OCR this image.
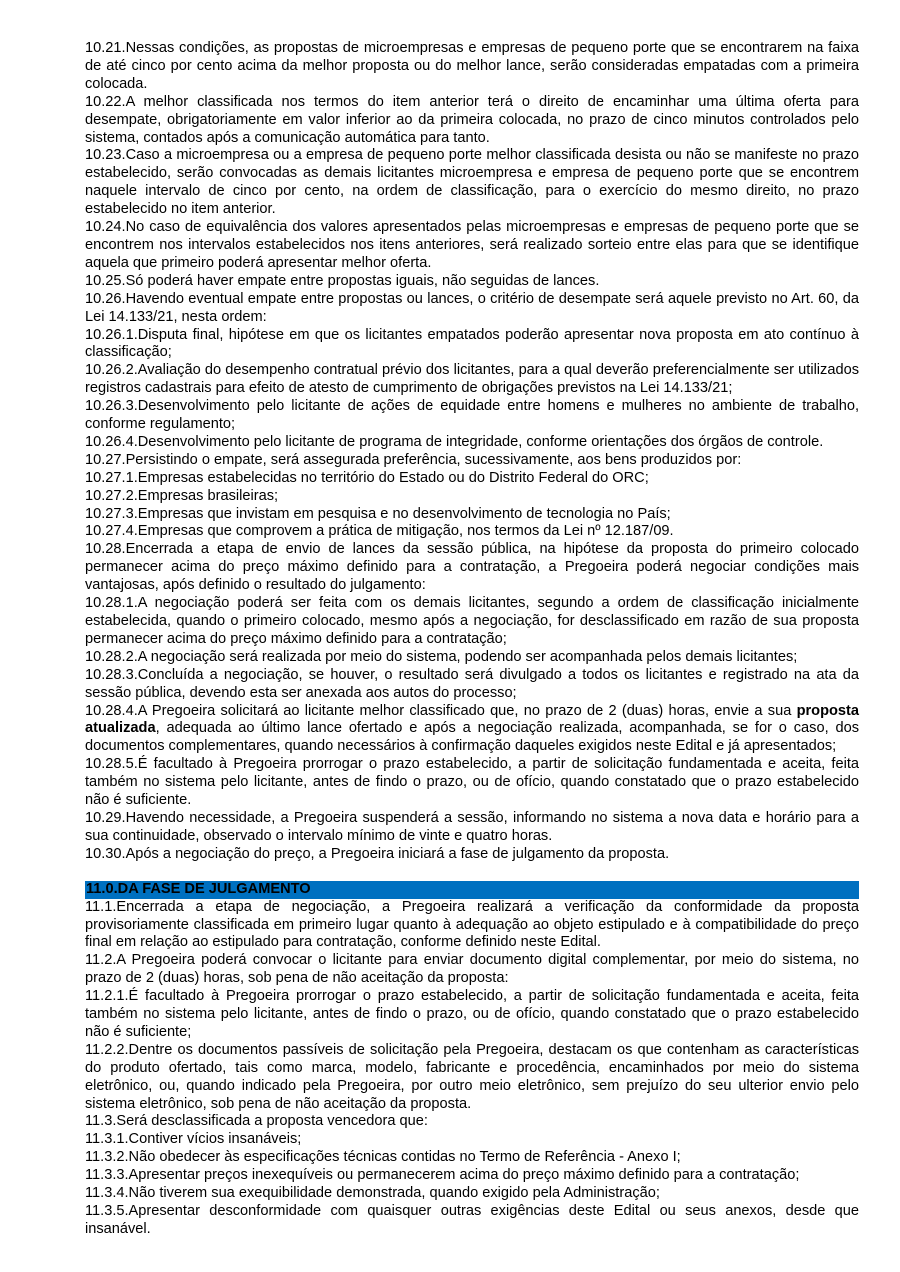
10.21.Nessas condições, as propostas de microempresas e empresas de pequeno porte que se encontrarem na faixa de até cinco por cento acima da melhor proposta ou do melhor lance, serão consideradas empatadas com a primeira colocada.

10.22.A melhor classificada nos termos do item anterior terá o direito de encaminhar uma última oferta para desempate, obrigatoriamente em valor inferior ao da primeira colocada, no prazo de cinco minutos controlados pelo sistema, contados após a comunicação automática para tanto.

10.23.Caso a microempresa ou a empresa de pequeno porte melhor classificada desista ou não se manifeste no prazo estabelecido, serão convocadas as demais licitantes microempresa e empresa de pequeno porte que se encontrem naquele intervalo de cinco por cento, na ordem de classificação, para o exercício do mesmo direito, no prazo estabelecido no item anterior.

10.24.No caso de equivalência dos valores apresentados pelas microempresas e empresas de pequeno porte que se encontrem nos intervalos estabelecidos nos itens anteriores, será realizado sorteio entre elas para que se identifique aquela que primeiro poderá apresentar melhor oferta.

10.25.Só poderá haver empate entre propostas iguais, não seguidas de lances.

10.26.Havendo eventual empate entre propostas ou lances, o critério de desempate será aquele previsto no Art. 60, da Lei 14.133/21, nesta ordem:

10.26.1.Disputa final, hipótese em que os licitantes empatados poderão apresentar nova proposta em ato contínuo à classificação;

10.26.2.Avaliação do desempenho contratual prévio dos licitantes, para a qual deverão preferencialmente ser utilizados registros cadastrais para efeito de atesto de cumprimento de obrigações previstos na Lei 14.133/21;

10.26.3.Desenvolvimento pelo licitante de ações de equidade entre homens e mulheres no ambiente de trabalho, conforme regulamento;

10.26.4.Desenvolvimento pelo licitante de programa de integridade, conforme orientações dos órgãos de controle.

10.27.Persistindo o empate, será assegurada preferência, sucessivamente, aos bens produzidos por:

10.27.1.Empresas estabelecidas no território do Estado ou do Distrito Federal do ORC;

10.27.2.Empresas brasileiras;

10.27.3.Empresas que invistam em pesquisa e no desenvolvimento de tecnologia no País;

10.27.4.Empresas que comprovem a prática de mitigação, nos termos da Lei nº 12.187/09.

10.28.Encerrada a etapa de envio de lances da sessão pública, na hipótese da proposta do primeiro colocado permanecer acima do preço máximo definido para a contratação, a Pregoeira poderá negociar condições mais vantajosas, após definido o resultado do julgamento:

10.28.1.A negociação poderá ser feita com os demais licitantes, segundo a ordem de classificação inicialmente estabelecida, quando o primeiro colocado, mesmo após a negociação, for desclassificado em razão de sua proposta permanecer acima do preço máximo definido para a contratação;

10.28.2.A negociação será realizada por meio do sistema, podendo ser acompanhada pelos demais licitantes;

10.28.3.Concluída a negociação, se houver, o resultado será divulgado a todos os licitantes e registrado na ata da sessão pública, devendo esta ser anexada aos autos do processo;

10.28.4.A Pregoeira solicitará ao licitante melhor classificado que, no prazo de 2 (duas) horas, envie a sua proposta atualizada, adequada ao último lance ofertado e após a negociação realizada, acompanhada, se for o caso, dos documentos complementares, quando necessários à confirmação daqueles exigidos neste Edital e já apresentados;

10.28.5.É facultado à Pregoeira prorrogar o prazo estabelecido, a partir de solicitação fundamentada e aceita, feita também no sistema pelo licitante, antes de findo o prazo, ou de ofício, quando constatado que o prazo estabelecido não é suficiente.

10.29.Havendo necessidade, a Pregoeira suspenderá a sessão, informando no sistema a nova data e horário para a sua continuidade, observado o intervalo mínimo de vinte e quatro horas.

10.30.Após a negociação do preço, a Pregoeira iniciará a fase de julgamento da proposta.

11.0.DA FASE DE JULGAMENTO

11.1.Encerrada a etapa de negociação, a Pregoeira realizará a verificação da conformidade da proposta provisoriamente classificada em primeiro lugar quanto à adequação ao objeto estipulado e à compatibilidade do preço final em relação ao estipulado para contratação, conforme definido neste Edital.

11.2.A Pregoeira poderá convocar o licitante para enviar documento digital complementar, por meio do sistema, no prazo de 2 (duas) horas, sob pena de não aceitação da proposta:

11.2.1.É facultado à Pregoeira prorrogar o prazo estabelecido, a partir de solicitação fundamentada e aceita, feita também no sistema pelo licitante, antes de findo o prazo, ou de ofício, quando constatado que o prazo estabelecido não é suficiente;

11.2.2.Dentre os documentos passíveis de solicitação pela Pregoeira, destacam os que contenham as características do produto ofertado, tais como marca, modelo, fabricante e procedência, encaminhados por meio do sistema eletrônico, ou, quando indicado pela Pregoeira, por outro meio eletrônico, sem prejuízo do seu ulterior envio pelo sistema eletrônico, sob pena de não aceitação da proposta.

11.3.Será desclassificada a proposta vencedora que:

11.3.1.Contiver vícios insanáveis;

11.3.2.Não obedecer às especificações técnicas contidas no Termo de Referência - Anexo I;

11.3.3.Apresentar preços inexequíveis ou permanecerem acima do preço máximo definido para a contratação;

11.3.4.Não tiverem sua exequibilidade demonstrada, quando exigido pela Administração;

11.3.5.Apresentar desconformidade com quaisquer outras exigências deste Edital ou seus anexos, desde que insanável.
